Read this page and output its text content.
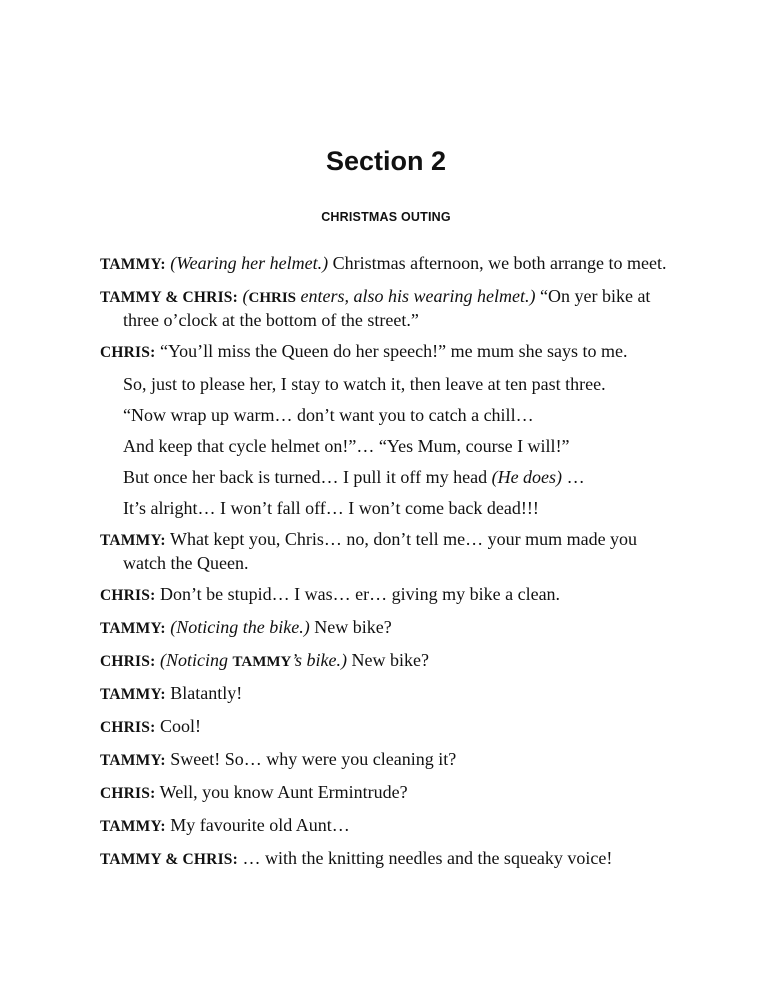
Section 2
CHRISTMAS OUTING

TAMMY: (Wearing her helmet.) Christmas afternoon, we both arrange to meet.

TAMMY & CHRIS: (CHRIS enters, also his wearing helmet.) “On yer bike at three o’clock at the bottom of the street.”

CHRIS: “You’ll miss the Queen do her speech!” me mum she says to me.

So, just to please her, I stay to watch it, then leave at ten past three.

“Now wrap up warm… don’t want you to catch a chill…

And keep that cycle helmet on!”… “Yes Mum, course I will!”

But once her back is turned… I pull it off my head (He does) …

It’s alright… I won’t fall off… I won’t come back dead!!!

TAMMY: What kept you, Chris… no, don’t tell me… your mum made you watch the Queen.

CHRIS: Don’t be stupid… I was… er… giving my bike a clean.

TAMMY: (Noticing the bike.) New bike?

CHRIS: (Noticing TAMMY’s bike.) New bike?

TAMMY: Blatantly!

CHRIS: Cool!

TAMMY: Sweet! So… why were you cleaning it?

CHRIS: Well, you know Aunt Ermintrude?

TAMMY: My favourite old Aunt…

TAMMY & CHRIS: … with the knitting needles and the squeaky voice!
